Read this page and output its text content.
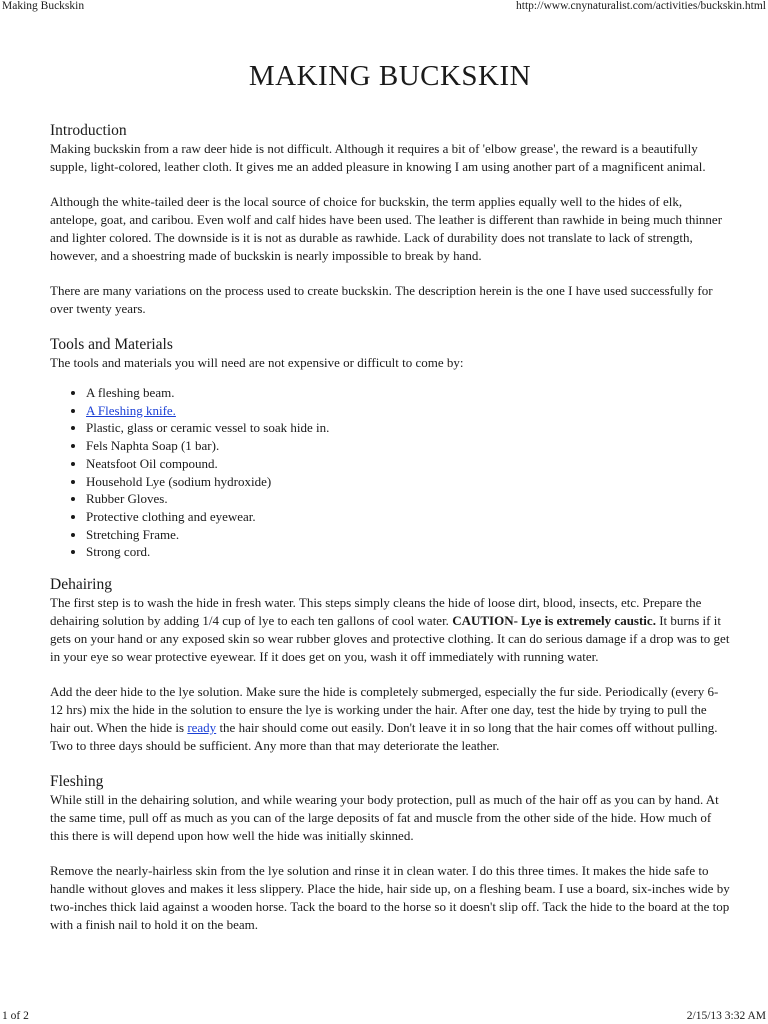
Making Buckskin	http://www.cnynaturalist.com/activities/buckskin.html
MAKING BUCKSKIN
Introduction

Making buckskin from a raw deer hide is not difficult. Although it requires a bit of 'elbow grease', the reward is a beautifully supple, light-colored, leather cloth. It gives me an added pleasure in knowing I am using another part of a magnificent animal.

Although the white-tailed deer is the local source of choice for buckskin, the term applies equally well to the hides of elk, antelope, goat, and caribou. Even wolf and calf hides have been used. The leather is different than rawhide in being much thinner and lighter colored. The downside is it is not as durable as rawhide. Lack of durability does not translate to lack of strength, however, and a shoestring made of buckskin is nearly impossible to break by hand.

There are many variations on the process used to create buckskin. The description herein is the one I have used successfully for over twenty years.

Tools and Materials

The tools and materials you will need are not expensive or difficult to come by:

• A fleshing beam.
• A Fleshing knife.
• Plastic, glass or ceramic vessel to soak hide in.
• Fels Naphta Soap (1 bar).
• Neatsfoot Oil compound.
• Household Lye (sodium hydroxide)
• Rubber Gloves.
• Protective clothing and eyewear.
• Stretching Frame.
• Strong cord.
Dehairing

The first step is to wash the hide in fresh water. This steps simply cleans the hide of loose dirt, blood, insects, etc. Prepare the dehairing solution by adding 1/4 cup of lye to each ten gallons of cool water. CAUTION- Lye is extremely caustic. It burns if it gets on your hand or any exposed skin so wear rubber gloves and protective clothing. It can do serious damage if a drop was to get in your eye so wear protective eyewear. If it does get on you, wash it off immediately with running water.

Add the deer hide to the lye solution. Make sure the hide is completely submerged, especially the fur side. Periodically (every 6-12 hrs) mix the hide in the solution to ensure the lye is working under the hair. After one day, test the hide by trying to pull the hair out. When the hide is ready the hair should come out easily. Don't leave it in so long that the hair comes off without pulling. Two to three days should be sufficient. Any more than that may deteriorate the leather.

Fleshing

While still in the dehairing solution, and while wearing your body protection, pull as much of the hair off as you can by hand. At the same time, pull off as much as you can of the large deposits of fat and muscle from the other side of the hide. How much of this there is will depend upon how well the hide was initially skinned.

Remove the nearly-hairless skin from the lye solution and rinse it in clean water. I do this three times. It makes the hide safe to handle without gloves and makes it less slippery. Place the hide, hair side up, on a fleshing beam. I use a board, six-inches wide by two-inches thick laid against a wooden horse. Tack the board to the horse so it doesn't slip off. Tack the hide to the board at the top with a finish nail to hold it on the beam.

1 of 2	2/15/13 3:32 AM
